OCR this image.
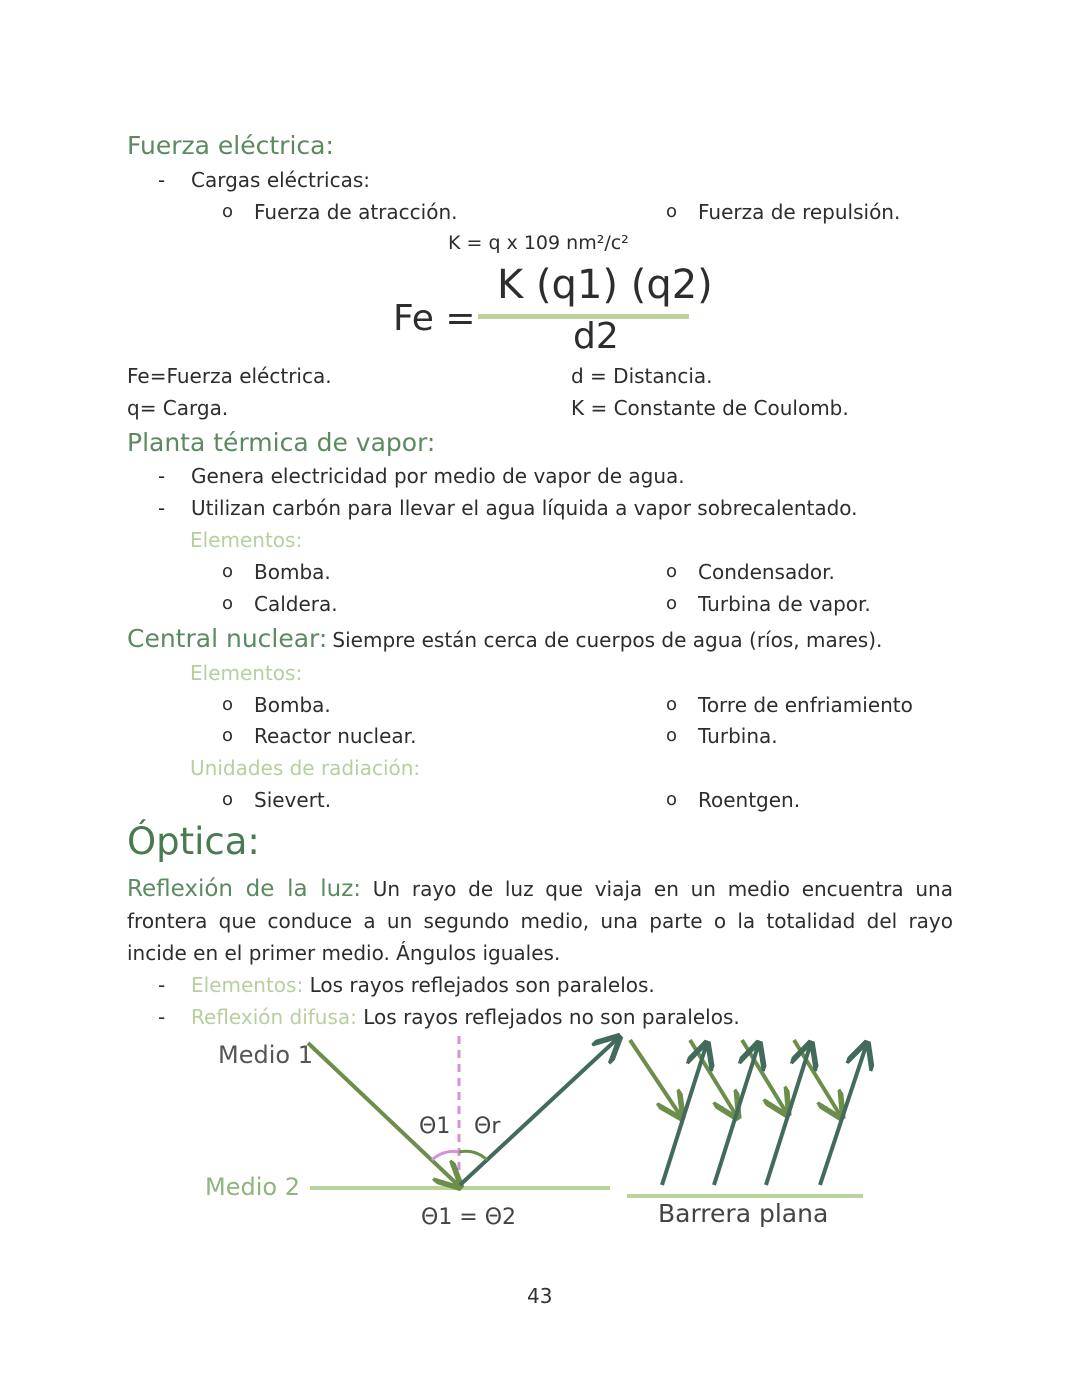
Fuerza eléctrica:
- Cargas eléctricas:
o Fuerza de atracción.	o Fuerza de repulsión.
K = q x 109 nm²/c²
Fe =
K (q1) (q2)
d2
Fe=Fuerza eléctrica.	d = Distancia.
q= Carga.	K = Constante de Coulomb.
Planta térmica de vapor:
- Genera electricidad por medio de vapor de agua.
- Utilizan carbón para llevar el agua líquida a vapor sobrecalentado.
Elementos:
o Bomba.	o Condensador.
o Caldera.	o Turbina de vapor.
Central nuclear: Siempre están cerca de cuerpos de agua (ríos, mares).
Elementos:
o Bomba.	o Torre de enfriamiento
o Reactor nuclear.	o Turbina.
Unidades de radiación:
o Sievert.	o Roentgen.
Óptica:
Reflexión de la luz: Un rayo de luz que viaja en un medio encuentra una frontera que conduce a un segundo medio, una parte o la totalidad del rayo incide en el primer medio. Ángulos iguales.
- Elementos: Los rayos reflejados son paralelos.
- Reflexión difusa: Los rayos reflejados no son paralelos.
Medio 1
Medio 2
Θ1 Θr
Θ1 = Θ2	Barrera plana
43
